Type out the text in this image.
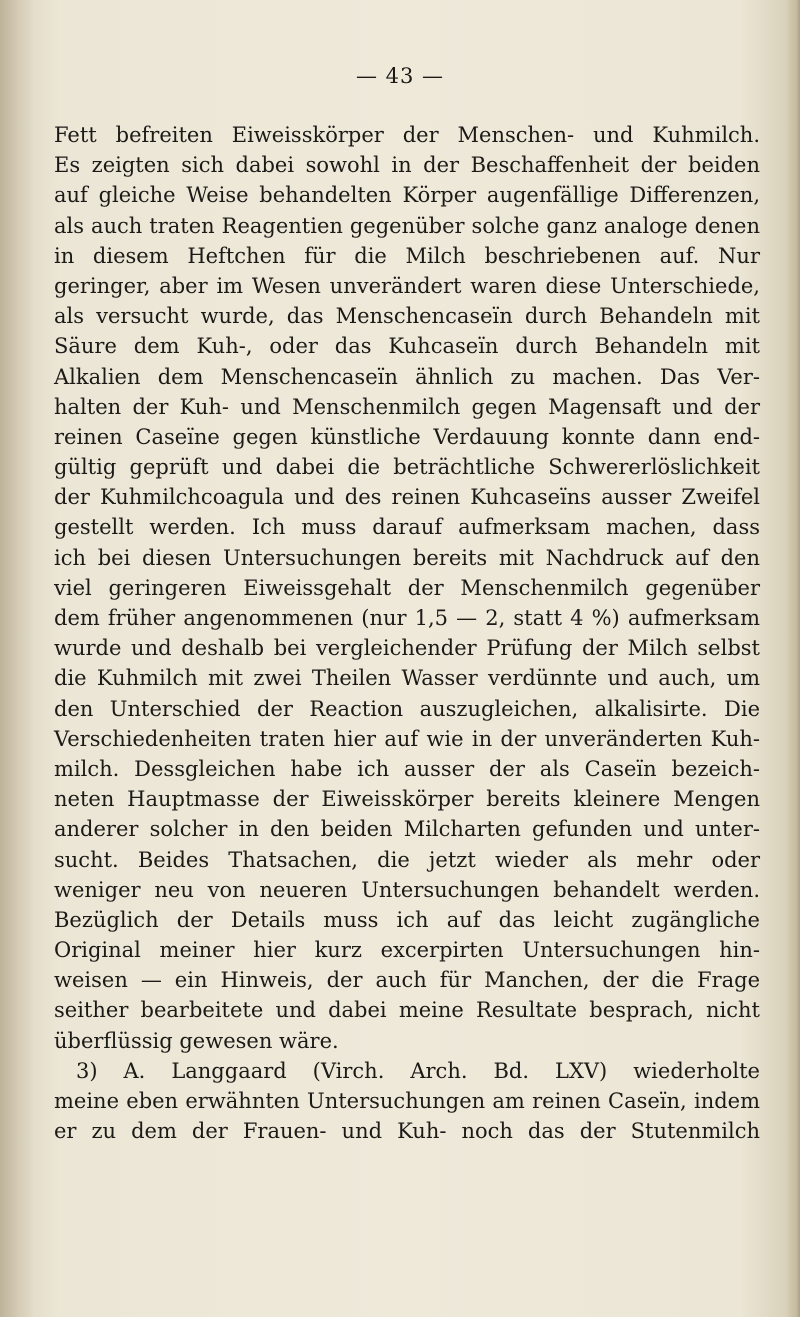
— 43 —
Fett befreiten Eiweisskörper der Menschen- und Kuhmilch.
Es zeigten sich dabei sowohl in der Beschaffenheit der beiden
auf gleiche Weise behandelten Körper augenfällige Differenzen,
als auch traten Reagentien gegenüber solche ganz analoge denen
in diesem Heftchen für die Milch beschriebenen auf. Nur
geringer, aber im Wesen unverändert waren diese Unterschiede,
als versucht wurde, das Menschencaseïn durch Behandeln mit
Säure dem Kuh-, oder das Kuhcaseïn durch Behandeln mit
Alkalien dem Menschencaseïn ähnlich zu machen. Das Ver-
halten der Kuh- und Menschenmilch gegen Magensaft und der
reinen Caseïne gegen künstliche Verdauung konnte dann end-
gültig geprüft und dabei die beträchtliche Schwererlöslichkeit
der Kuhmilchcoagula und des reinen Kuhcaseïns ausser Zweifel
gestellt werden. Ich muss darauf aufmerksam machen, dass
ich bei diesen Untersuchungen bereits mit Nachdruck auf den
viel geringeren Eiweissgehalt der Menschenmilch gegenüber
dem früher angenommenen (nur 1,5 — 2, statt 4 %) aufmerksam
wurde und deshalb bei vergleichender Prüfung der Milch selbst
die Kuhmilch mit zwei Theilen Wasser verdünnte und auch, um
den Unterschied der Reaction auszugleichen, alkalisirte. Die
Verschiedenheiten traten hier auf wie in der unveränderten Kuh-
milch. Dessgleichen habe ich ausser der als Caseïn bezeich-
neten Hauptmasse der Eiweisskörper bereits kleinere Mengen
anderer solcher in den beiden Milcharten gefunden und unter-
sucht. Beides Thatsachen, die jetzt wieder als mehr oder
weniger neu von neueren Untersuchungen behandelt werden.
Bezüglich der Details muss ich auf das leicht zugängliche
Original meiner hier kurz excerpirten Untersuchungen hin-
weisen — ein Hinweis, der auch für Manchen, der die Frage
seither bearbeitete und dabei meine Resultate besprach, nicht
überflüssig gewesen wäre.
3) A. Langgaard (Virch. Arch. Bd. LXV) wiederholte
meine eben erwähnten Untersuchungen am reinen Caseïn, indem
er zu dem der Frauen- und Kuh- noch das der Stutenmilch
